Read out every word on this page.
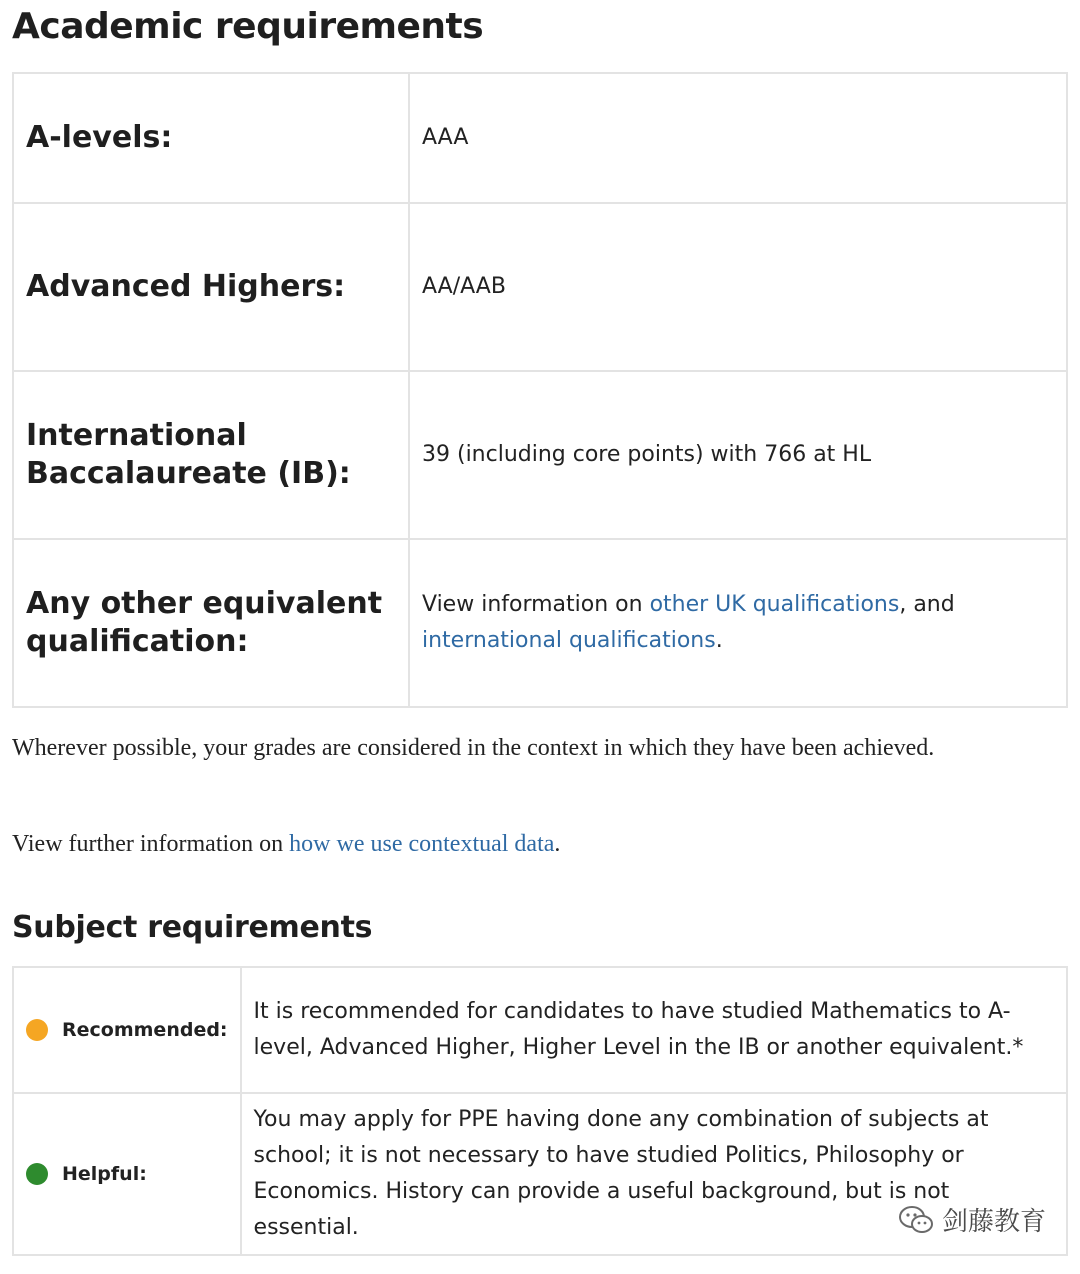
Academic requirements
A-levels:	AAA
Advanced Highers:	AA/AAB
International Baccalaureate (IB):	39 (including core points) with 766 at HL
Any other equivalent qualification:	View information on other UK qualifications, and international qualifications.

Wherever possible, your grades are considered in the context in which they have been achieved.

View further information on how we use contextual data.

Subject requirements
Recommended:	It is recommended for candidates to have studied Mathematics to A-level, Advanced Higher, Higher Level in the IB or another equivalent.*

Helpful:	You may apply for PPE having done any combination of subjects at school; it is not necessary to have studied Politics, Philosophy or Economics. History can provide a useful background, but is not essential.	剑藤教育
